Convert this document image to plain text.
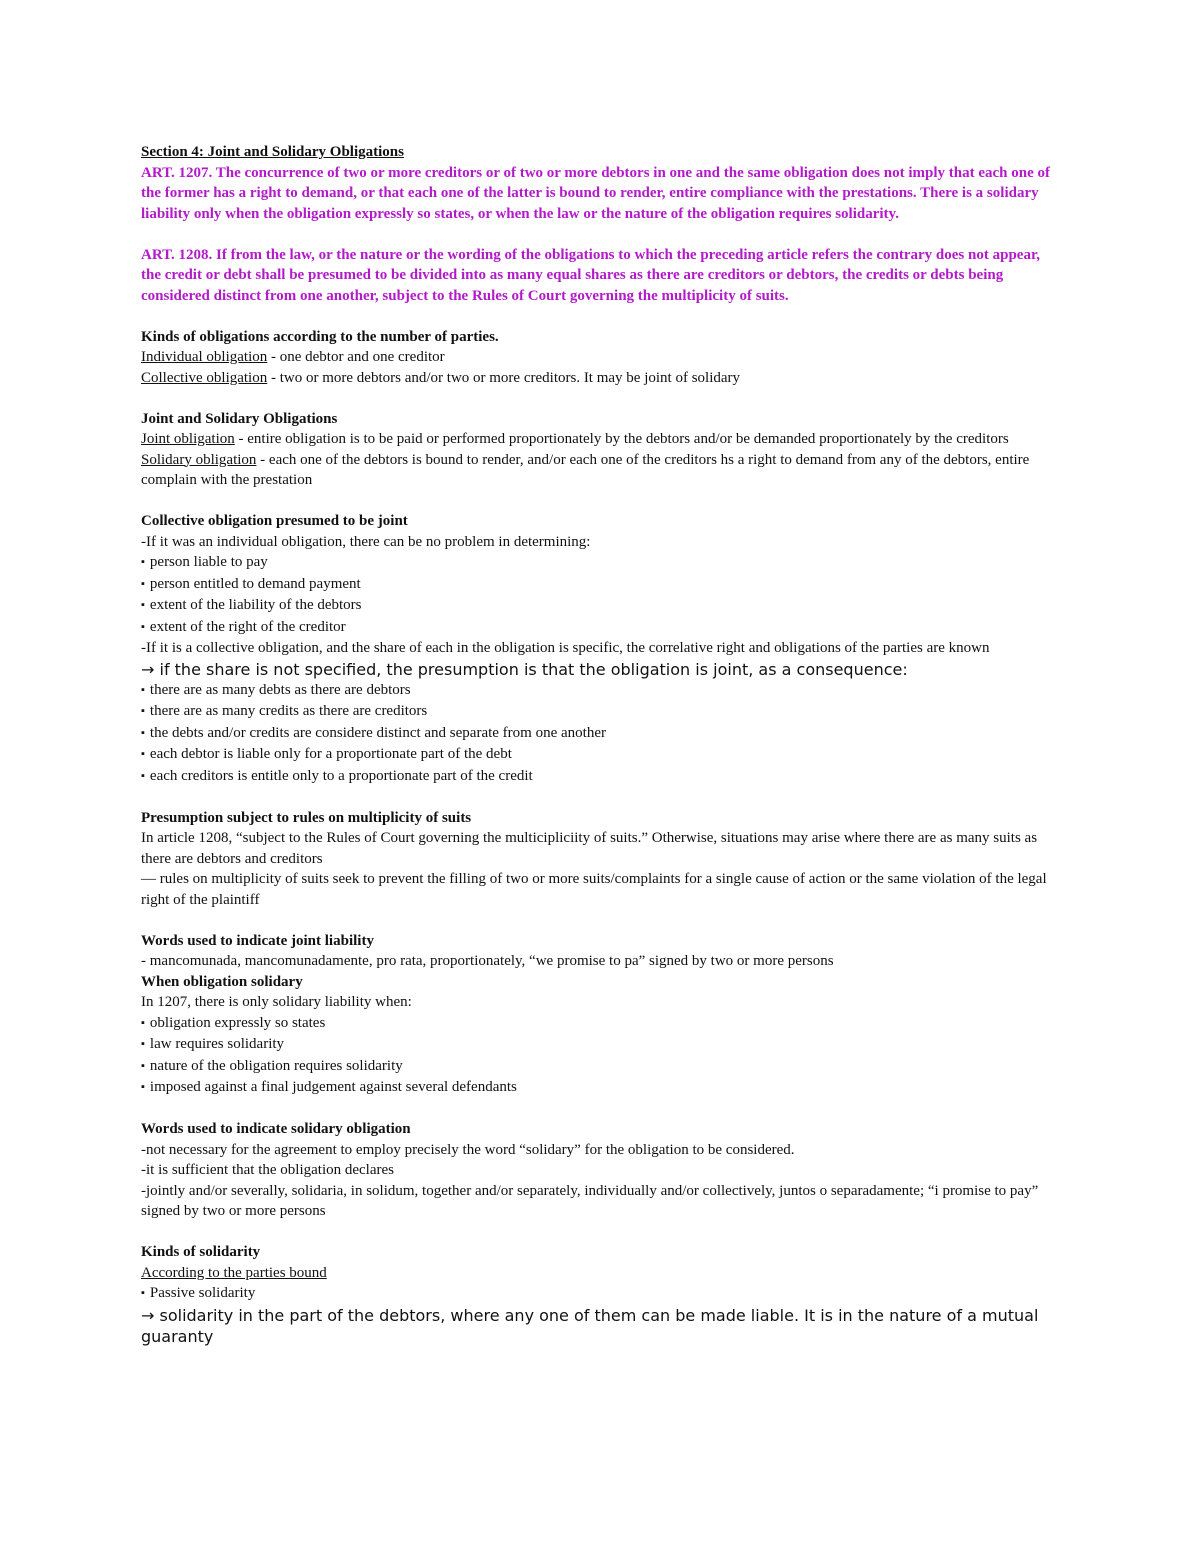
Section 4: Joint and Solidary Obligations
ART. 1207. The concurrence of two or more creditors or of two or more debtors in one and the same obligation does not imply that each one of the former has a right to demand, or that each one of the latter is bound to render, entire compliance with the prestations. There is a solidary liability only when the obligation expressly so states, or when the law or the nature of the obligation requires solidarity.
ART. 1208. If from the law, or the nature or the wording of the obligations to which the preceding article refers the contrary does not appear, the credit or debt shall be presumed to be divided into as many equal shares as there are creditors or debtors, the credits or debts being considered distinct from one another, subject to the Rules of Court governing the multiplicity of suits.
Kinds of obligations according to the number of parties.
Individual obligation - one debtor and one creditor
Collective obligation - two or more debtors and/or two or more creditors. It may be joint of solidary
Joint and Solidary Obligations
Joint obligation - entire obligation is to be paid or performed proportionately by the debtors and/or be demanded proportionately by the creditors
Solidary obligation - each one of the debtors is bound to render, and/or each one of the creditors hs a right to demand from any of the debtors, entire complain with the prestation
Collective obligation presumed to be joint
-If it was an individual obligation, there can be no problem in determining:
▪ person liable to pay
▪ person entitled to demand payment
▪ extent of the liability of the debtors
▪ extent of the right of the creditor
-If it is a collective obligation, and the share of each in the obligation is specific, the correlative right and obligations of the parties are known
→ if the share is not specified, the presumption is that the obligation is joint, as a consequence:
▪ there are as many debts as there are debtors
▪ there are as many credits as there are creditors
▪ the debts and/or credits are considere distinct and separate from one another
▪ each debtor is liable only for a proportionate part of the debt
▪ each creditors is entitle only to a proportionate part of the credit
Presumption subject to rules on multiplicity of suits
In article 1208, “subject to the Rules of Court governing the multicipliciity of suits.” Otherwise, situations may arise where there are as many suits as there are debtors and creditors
— rules on multiplicity of suits seek to prevent the filling of two or more suits/complaints for a single cause of action or the same violation of the legal right of the plaintiff
Words used to indicate joint liability
- mancomunada, mancomunadamente, pro rata, proportionately, “we promise to pa” signed by two or more persons
When obligation solidary
In 1207, there is only solidary liability when:
▪ obligation expressly so states
▪ law requires solidarity
▪ nature of the obligation requires solidarity
▪ imposed against a final judgement against several defendants
Words used to indicate solidary obligation
-not necessary for the agreement to employ precisely the word “solidary” for the obligation to be considered.
-it is sufficient that the obligation declares
-jointly and/or severally, solidaria, in solidum, together and/or separately, individually and/or collectively, juntos o separadamente; “i promise to pay” signed by two or more persons
Kinds of solidarity
According to the parties bound
▪ Passive solidarity
→ solidarity in the part of the debtors, where any one of them can be made liable. It is in the nature of a mutual guaranty
